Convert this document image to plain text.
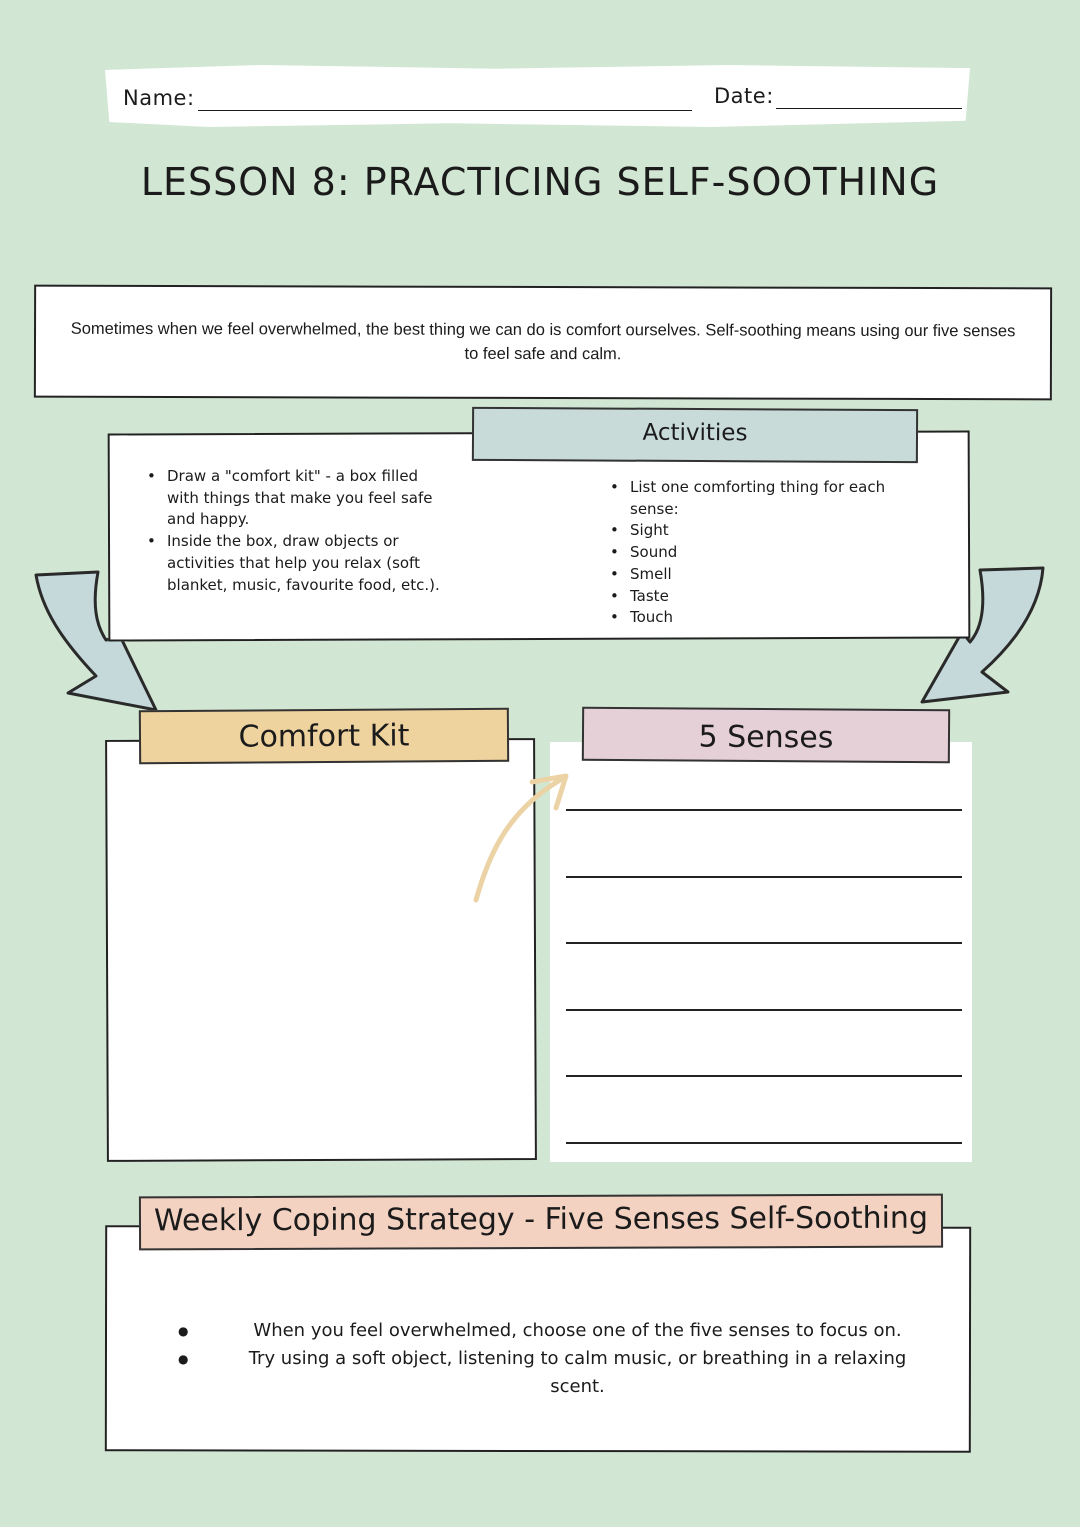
Name:	Date:
LESSON 8: PRACTICING SELF-SOOTHING
Sometimes when we feel overwhelmed, the best thing we can do is comfort ourselves. Self-soothing means using our five senses to feel safe and calm.
Activities
• Draw a "comfort kit" - a box filled with things that make you feel safe and happy.
• Inside the box, draw objects or activities that help you relax (soft blanket, music, favourite food, etc.).
• List one comforting thing for each sense:
• Sight
• Sound
• Smell
• Taste
• Touch
Comfort Kit	5 Senses
Weekly Coping Strategy - Five Senses Self-Soothing
● When you feel overwhelmed, choose one of the five senses to focus on.
● Try using a soft object, listening to calm music, or breathing in a relaxing scent.
